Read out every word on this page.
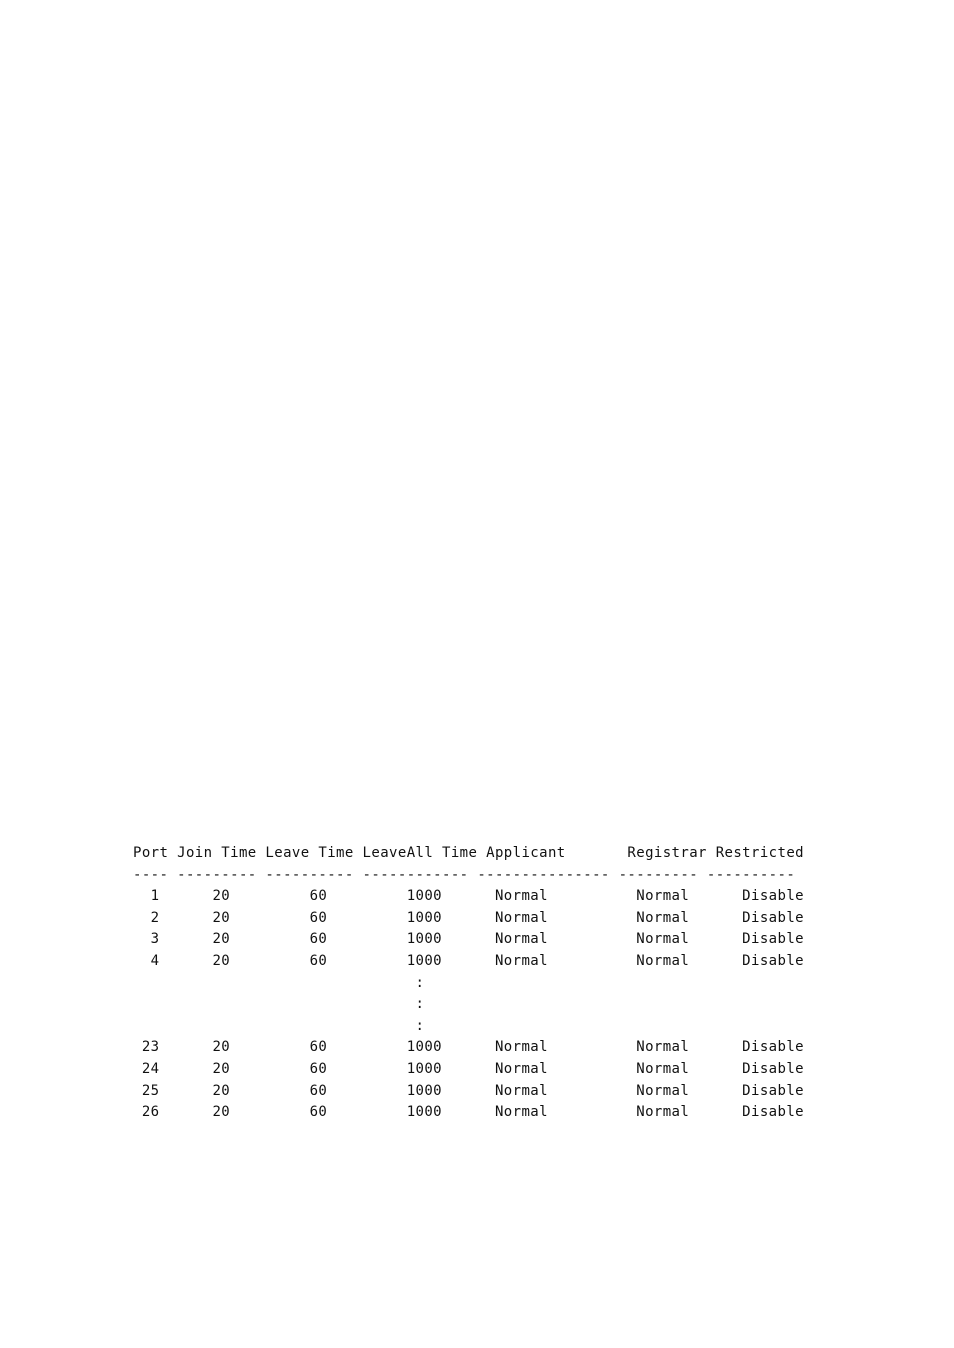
Port Join Time Leave Time LeaveAll Time Applicant       Registrar Restricted
---- --------- ---------- ------------ --------------- --------- ----------
1      20         60         1000      Normal          Normal      Disable
2      20         60         1000      Normal          Normal      Disable
3      20         60         1000      Normal          Normal      Disable
4      20         60         1000      Normal          Normal      Disable
:
:
:
23      20         60         1000      Normal          Normal      Disable
24      20         60         1000      Normal          Normal      Disable
25      20         60         1000      Normal          Normal      Disable
26      20         60         1000      Normal          Normal      Disable
